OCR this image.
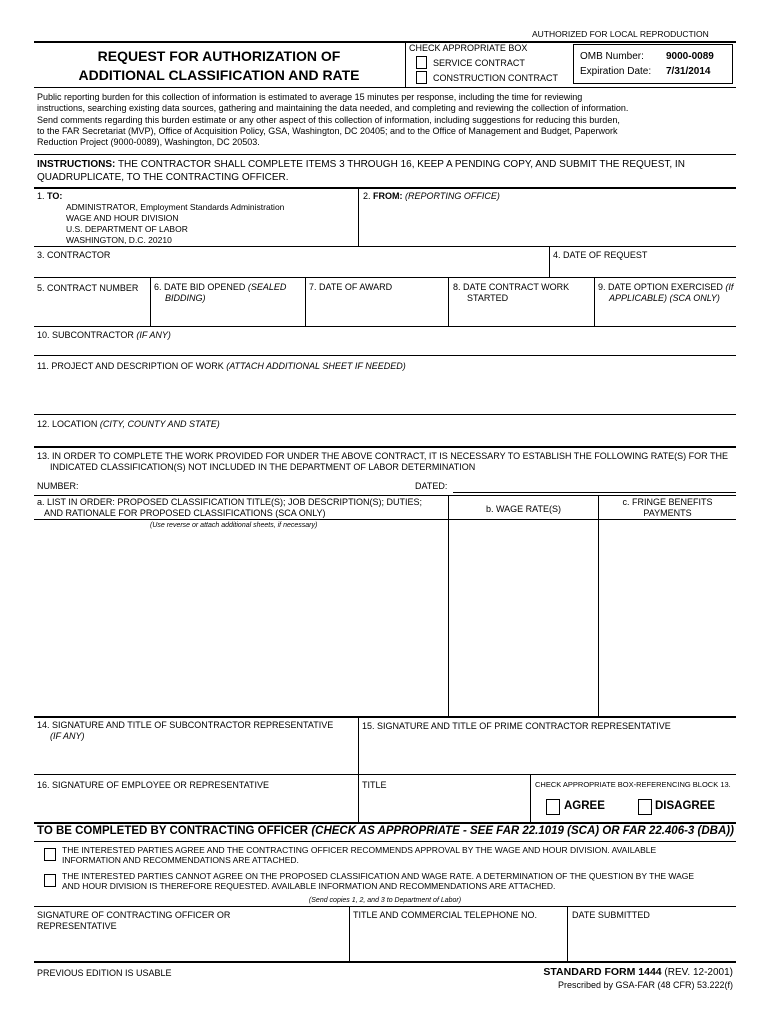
AUTHORIZED FOR LOCAL REPRODUCTION
REQUEST FOR AUTHORIZATION OF
ADDITIONAL CLASSIFICATION AND RATE
CHECK APPROPRIATE BOX
SERVICE CONTRACT
CONSTRUCTION CONTRACT
OMB Number: 9000-0089
Expiration Date: 7/31/2014

Public reporting burden for this collection of information is estimated to average 15 minutes per response, including the time for reviewing

instructions, searching existing data sources, gathering and maintaining the data needed, and completing and reviewing the collection of information.

Send comments regarding this burden estimate or any other aspect of this collection of information, including suggestions for reducing this burden,

to the FAR Secretariat (MVP), Office of Acquisition Policy, GSA, Washington, DC 20405; and to the Office of Management and Budget, Paperwork

Reduction Project (9000-0089), Washington, DC 20503.

INSTRUCTIONS: THE CONTRACTOR SHALL COMPLETE ITEMS 3 THROUGH 16, KEEP A PENDING COPY, AND SUBMIT THE REQUEST, IN
QUADRUPLICATE, TO THE CONTRACTING OFFICER.
1. TO:

ADMINISTRATOR, Employment Standards Administration

WAGE AND HOUR DIVISION

U.S. DEPARTMENT OF LABOR

WASHINGTON, D.C. 20210

2. FROM: (REPORTING OFFICE)
3. CONTRACTOR	4. DATE OF REQUEST
5. CONTRACT NUMBER 6. DATE BID OPENED (SEALED
BIDDING)
7. DATE OF AWARD	8. DATE CONTRACT WORK
STARTED
9. DATE OPTION EXERCISED (If
APPLICABLE) (SCA ONLY)
10. SUBCONTRACTOR (IF ANY)
11. PROJECT AND DESCRIPTION OF WORK (ATTACH ADDITIONAL SHEET IF NEEDED)
12. LOCATION (CITY, COUNTY AND STATE)
13. IN ORDER TO COMPLETE THE WORK PROVIDED FOR UNDER THE ABOVE CONTRACT, IT IS NECESSARY TO ESTABLISH THE FOLLOWING RATE(S) FOR THE
INDICATED CLASSIFICATION(S) NOT INCLUDED IN THE DEPARTMENT OF LABOR DETERMINATION
NUMBER:	DATED:
a. LIST IN ORDER: PROPOSED CLASSIFICATION TITLE(S); JOB DESCRIPTION(S); DUTIES;
AND RATIONALE FOR PROPOSED CLASSIFICATIONS (SCA ONLY)
(Use reverse or attach additional sheets, if necessary)
b. WAGE RATE(S)
c. FRINGE BENEFITS
PAYMENTS
14. SIGNATURE AND TITLE OF SUBCONTRACTOR REPRESENTATIVE
(IF ANY)
15. SIGNATURE AND TITLE OF PRIME CONTRACTOR REPRESENTATIVE
16. SIGNATURE OF EMPLOYEE OR REPRESENTATIVE	TITLE	CHECK APPROPRIATE BOX-REFERENCING BLOCK 13.
AGREE	DISAGREE
TO BE COMPLETED BY CONTRACTING OFFICER (CHECK AS APPROPRIATE - SEE FAR 22.1019 (SCA) OR FAR 22.406-3 (DBA))
THE INTERESTED PARTIES AGREE AND THE CONTRACTING OFFICER RECOMMENDS APPROVAL BY THE WAGE AND HOUR DIVISION. AVAILABLE
INFORMATION AND RECOMMENDATIONS ARE ATTACHED.
THE INTERESTED PARTIES CANNOT AGREE ON THE PROPOSED CLASSIFICATION AND WAGE RATE. A DETERMINATION OF THE QUESTION BY THE WAGE
AND HOUR DIVISION IS THEREFORE REQUESTED. AVAILABLE INFORMATION AND RECOMMENDATIONS ARE ATTACHED.
(Send copies 1, 2, and 3 to Department of Labor)
SIGNATURE OF CONTRACTING OFFICER OR
REPRESENTATIVE
TITLE AND COMMERCIAL TELEPHONE NO.	DATE SUBMITTED
PREVIOUS EDITION IS USABLE	STANDARD FORM 1444 (REV. 12-2001)
Prescribed by GSA-FAR (48 CFR) 53.222(f)
